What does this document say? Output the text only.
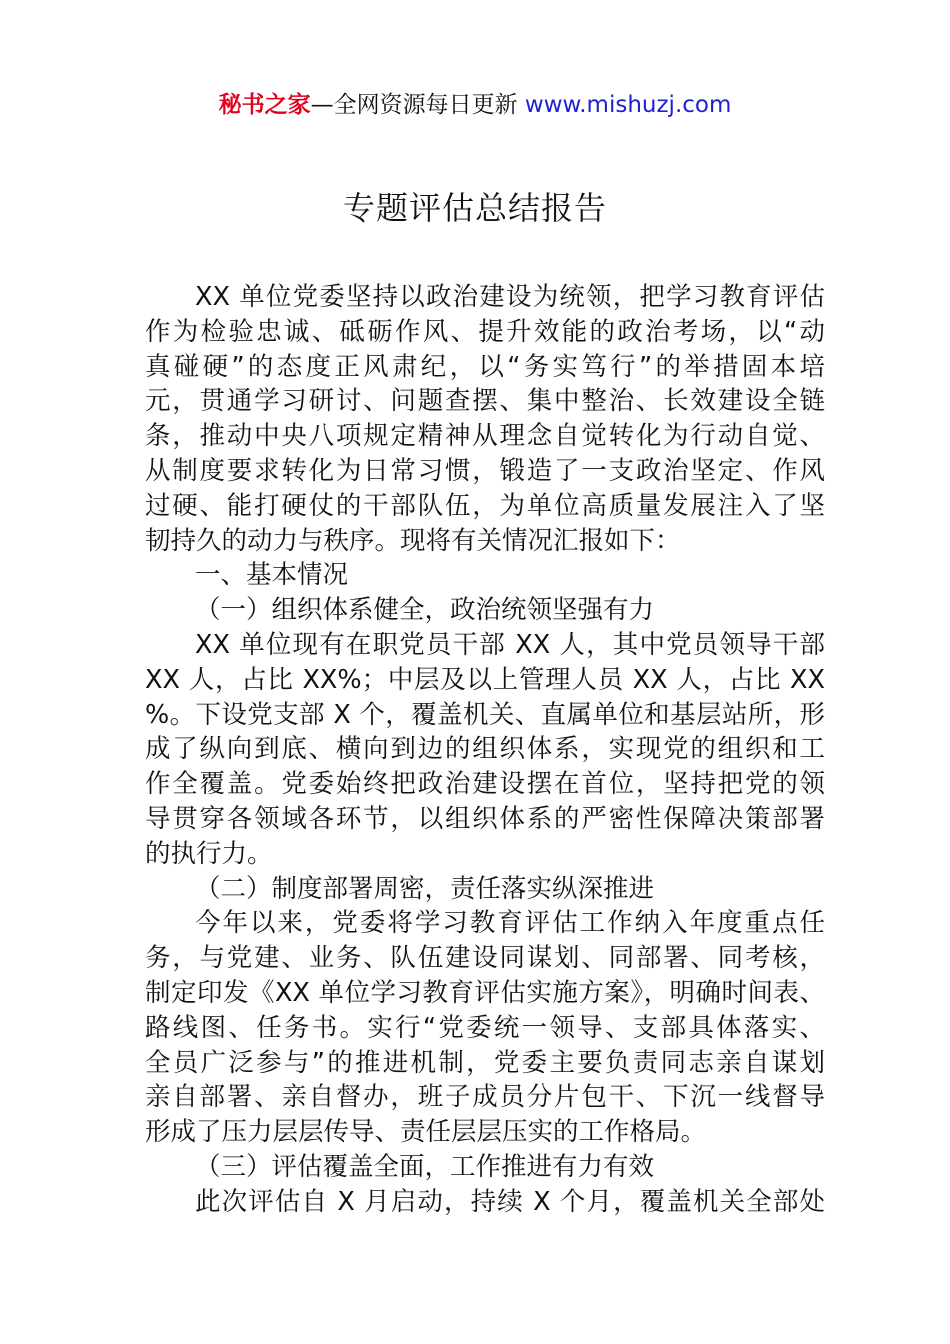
秘书之家—全网资源每日更新 www.mishuzj.com
专题评估总结报告
XX 单位党委坚持以政治建设为统领，把学习教育评估
作为检验忠诚、砥砺作风、提升效能的政治考场，以“动
真碰硬”的态度正风肃纪，以“务实笃行”的举措固本培
元，贯通学习研讨、问题查摆、集中整治、长效建设全链
条，推动中央八项规定精神从理念自觉转化为行动自觉、
从制度要求转化为日常习惯，锻造了一支政治坚定、作风
过硬、能打硬仗的干部队伍，为单位高质量发展注入了坚
韧持久的动力与秩序。现将有关情况汇报如下：
一、基本情况
（一）组织体系健全，政治统领坚强有力
XX 单位现有在职党员干部 XX 人，其中党员领导干部
XX 人，占比 XX%；中层及以上管理人员 XX 人，占比 XX
%。下设党支部 X 个，覆盖机关、直属单位和基层站所，形
成了纵向到底、横向到边的组织体系，实现党的组织和工
作全覆盖。党委始终把政治建设摆在首位，坚持把党的领
导贯穿各领域各环节，以组织体系的严密性保障决策部署
的执行力。
（二）制度部署周密，责任落实纵深推进
今年以来，党委将学习教育评估工作纳入年度重点任
务，与党建、业务、队伍建设同谋划、同部署、同考核，
制定印发《XX 单位学习教育评估实施方案》，明确时间表、
路线图、任务书。实行“党委统一领导、支部具体落实、
全员广泛参与”的推进机制，党委主要负责同志亲自谋划
亲自部署、亲自督办，班子成员分片包干、下沉一线督导
形成了压力层层传导、责任层层压实的工作格局。
（三）评估覆盖全面，工作推进有力有效
此次评估自 X 月启动，持续 X 个月，覆盖机关全部处
